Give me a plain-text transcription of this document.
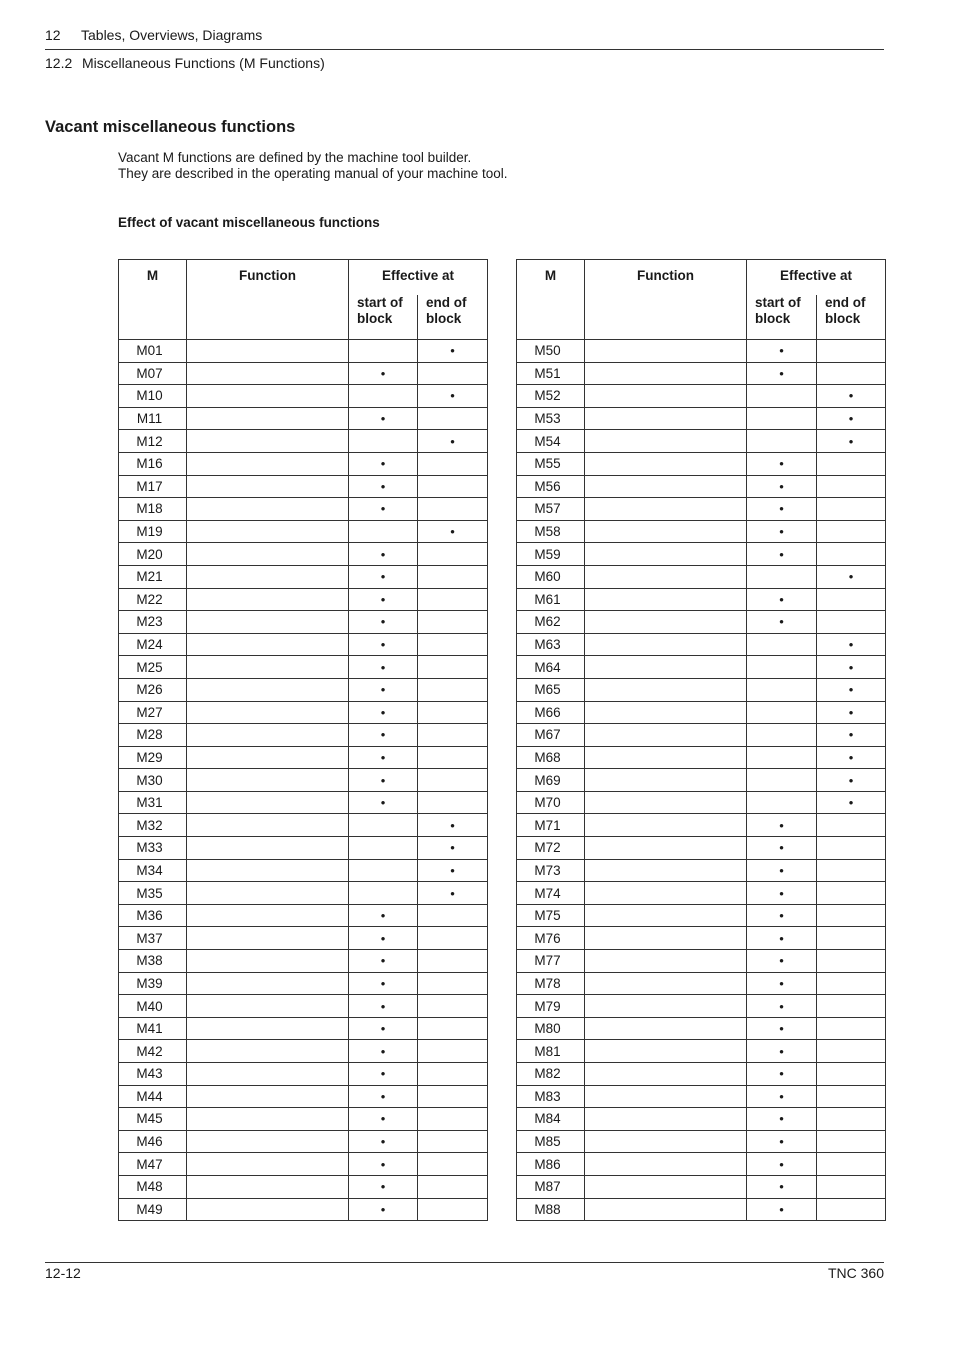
12 Tables, Overviews, Diagrams
12.2 Miscellaneous Functions (M Functions)
Vacant miscellaneous functions
Vacant M functions are defined by the machine tool builder.
They are described in the operating manual of your machine tool.
Effect of vacant miscellaneous functions
M	Function	Effective at	
		start of
block	end of
block
M01			•
M07		•	
M10			•
M11		•	
M12			•
M16		•	
M17		•	
M18		•	
M19			•
M20		•	
M21		•	
M22		•	
M23		•	
M24		•	
M25		•	
M26		•	
M27		•	
M28		•	
M29		•	
M30		•	
M31		•	
M32			•
M33			•
M34			•
M35			•
M36		•	
M37		•	
M38		•	
M39		•	
M40		•	
M41		•	
M42		•	
M43		•	
M44		•	
M45		•	
M46		•	
M47		•	
M48		•	
M49		•	
M	Function	Effective at	
		start of
block	end of
block
M50		•	
M51		•	
M52			•
M53			•
M54			•
M55		•	
M56		•	
M57		•	
M58		•	
M59		•	
M60			•
M61		•	
M62		•	
M63			•
M64			•
M65			•
M66			•
M67			•
M68			•
M69			•
M70			•
M71		•	
M72		•	
M73		•	
M74		•	
M75		•	
M76		•	
M77		•	
M78		•	
M79		•	
M80		•	
M81		•	
M82		•	
M83		•	
M84		•	
M85		•	
M86		•	
M87		•	
M88		•	
12-12	TNC 360
